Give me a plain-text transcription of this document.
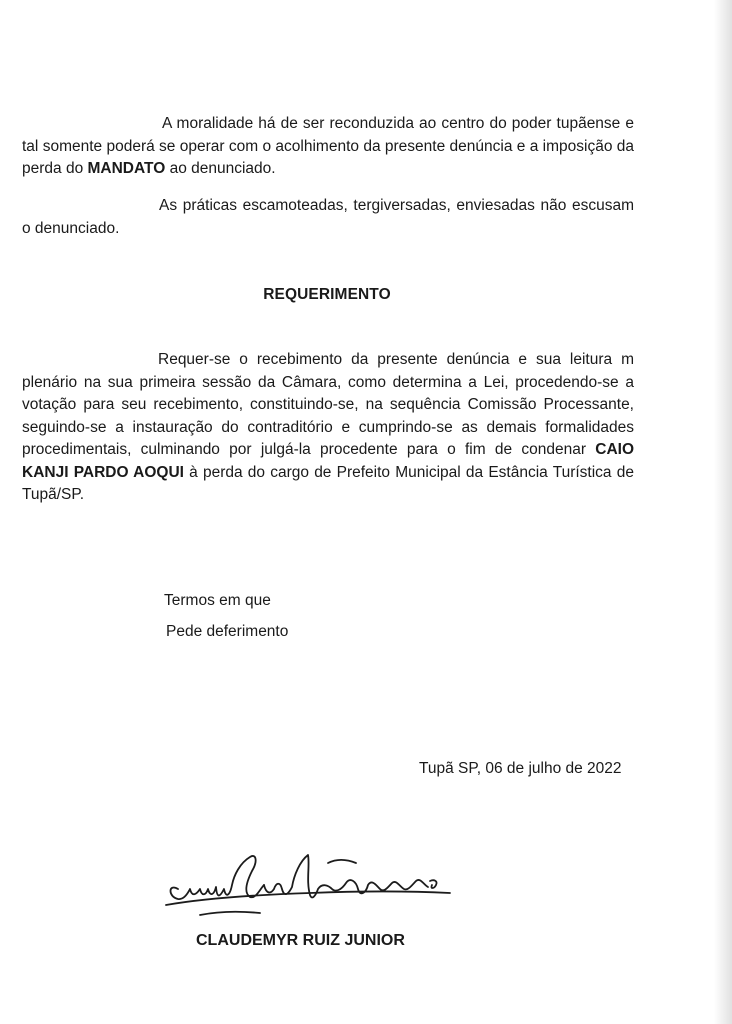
A moralidade há de ser reconduzida ao centro do poder tupãense e tal somente poderá se operar com o acolhimento da presente denúncia e a imposição da perda do MANDATO ao denunciado.

As práticas escamoteadas, tergiversadas, enviesadas não escusam o denunciado.

REQUERIMENTO

Requer-se o recebimento da presente denúncia e sua leitura m plenário na sua primeira sessão da Câmara, como determina a Lei, procedendo-se a votação para seu recebimento, constituindo-se, na sequência Comissão Processante, seguindo-se a instauração do contraditório e cumprindo-se as demais formalidades procedimentais, culminando por julgá-la procedente para o fim de condenar CAIO KANJI PARDO AOQUI à perda do cargo de Prefeito Municipal da Estância Turística de Tupã/SP.

Termos em que

Pede deferimento

Tupã SP, 06 de julho de 2022

CLAUDEMYR RUIZ JUNIOR
